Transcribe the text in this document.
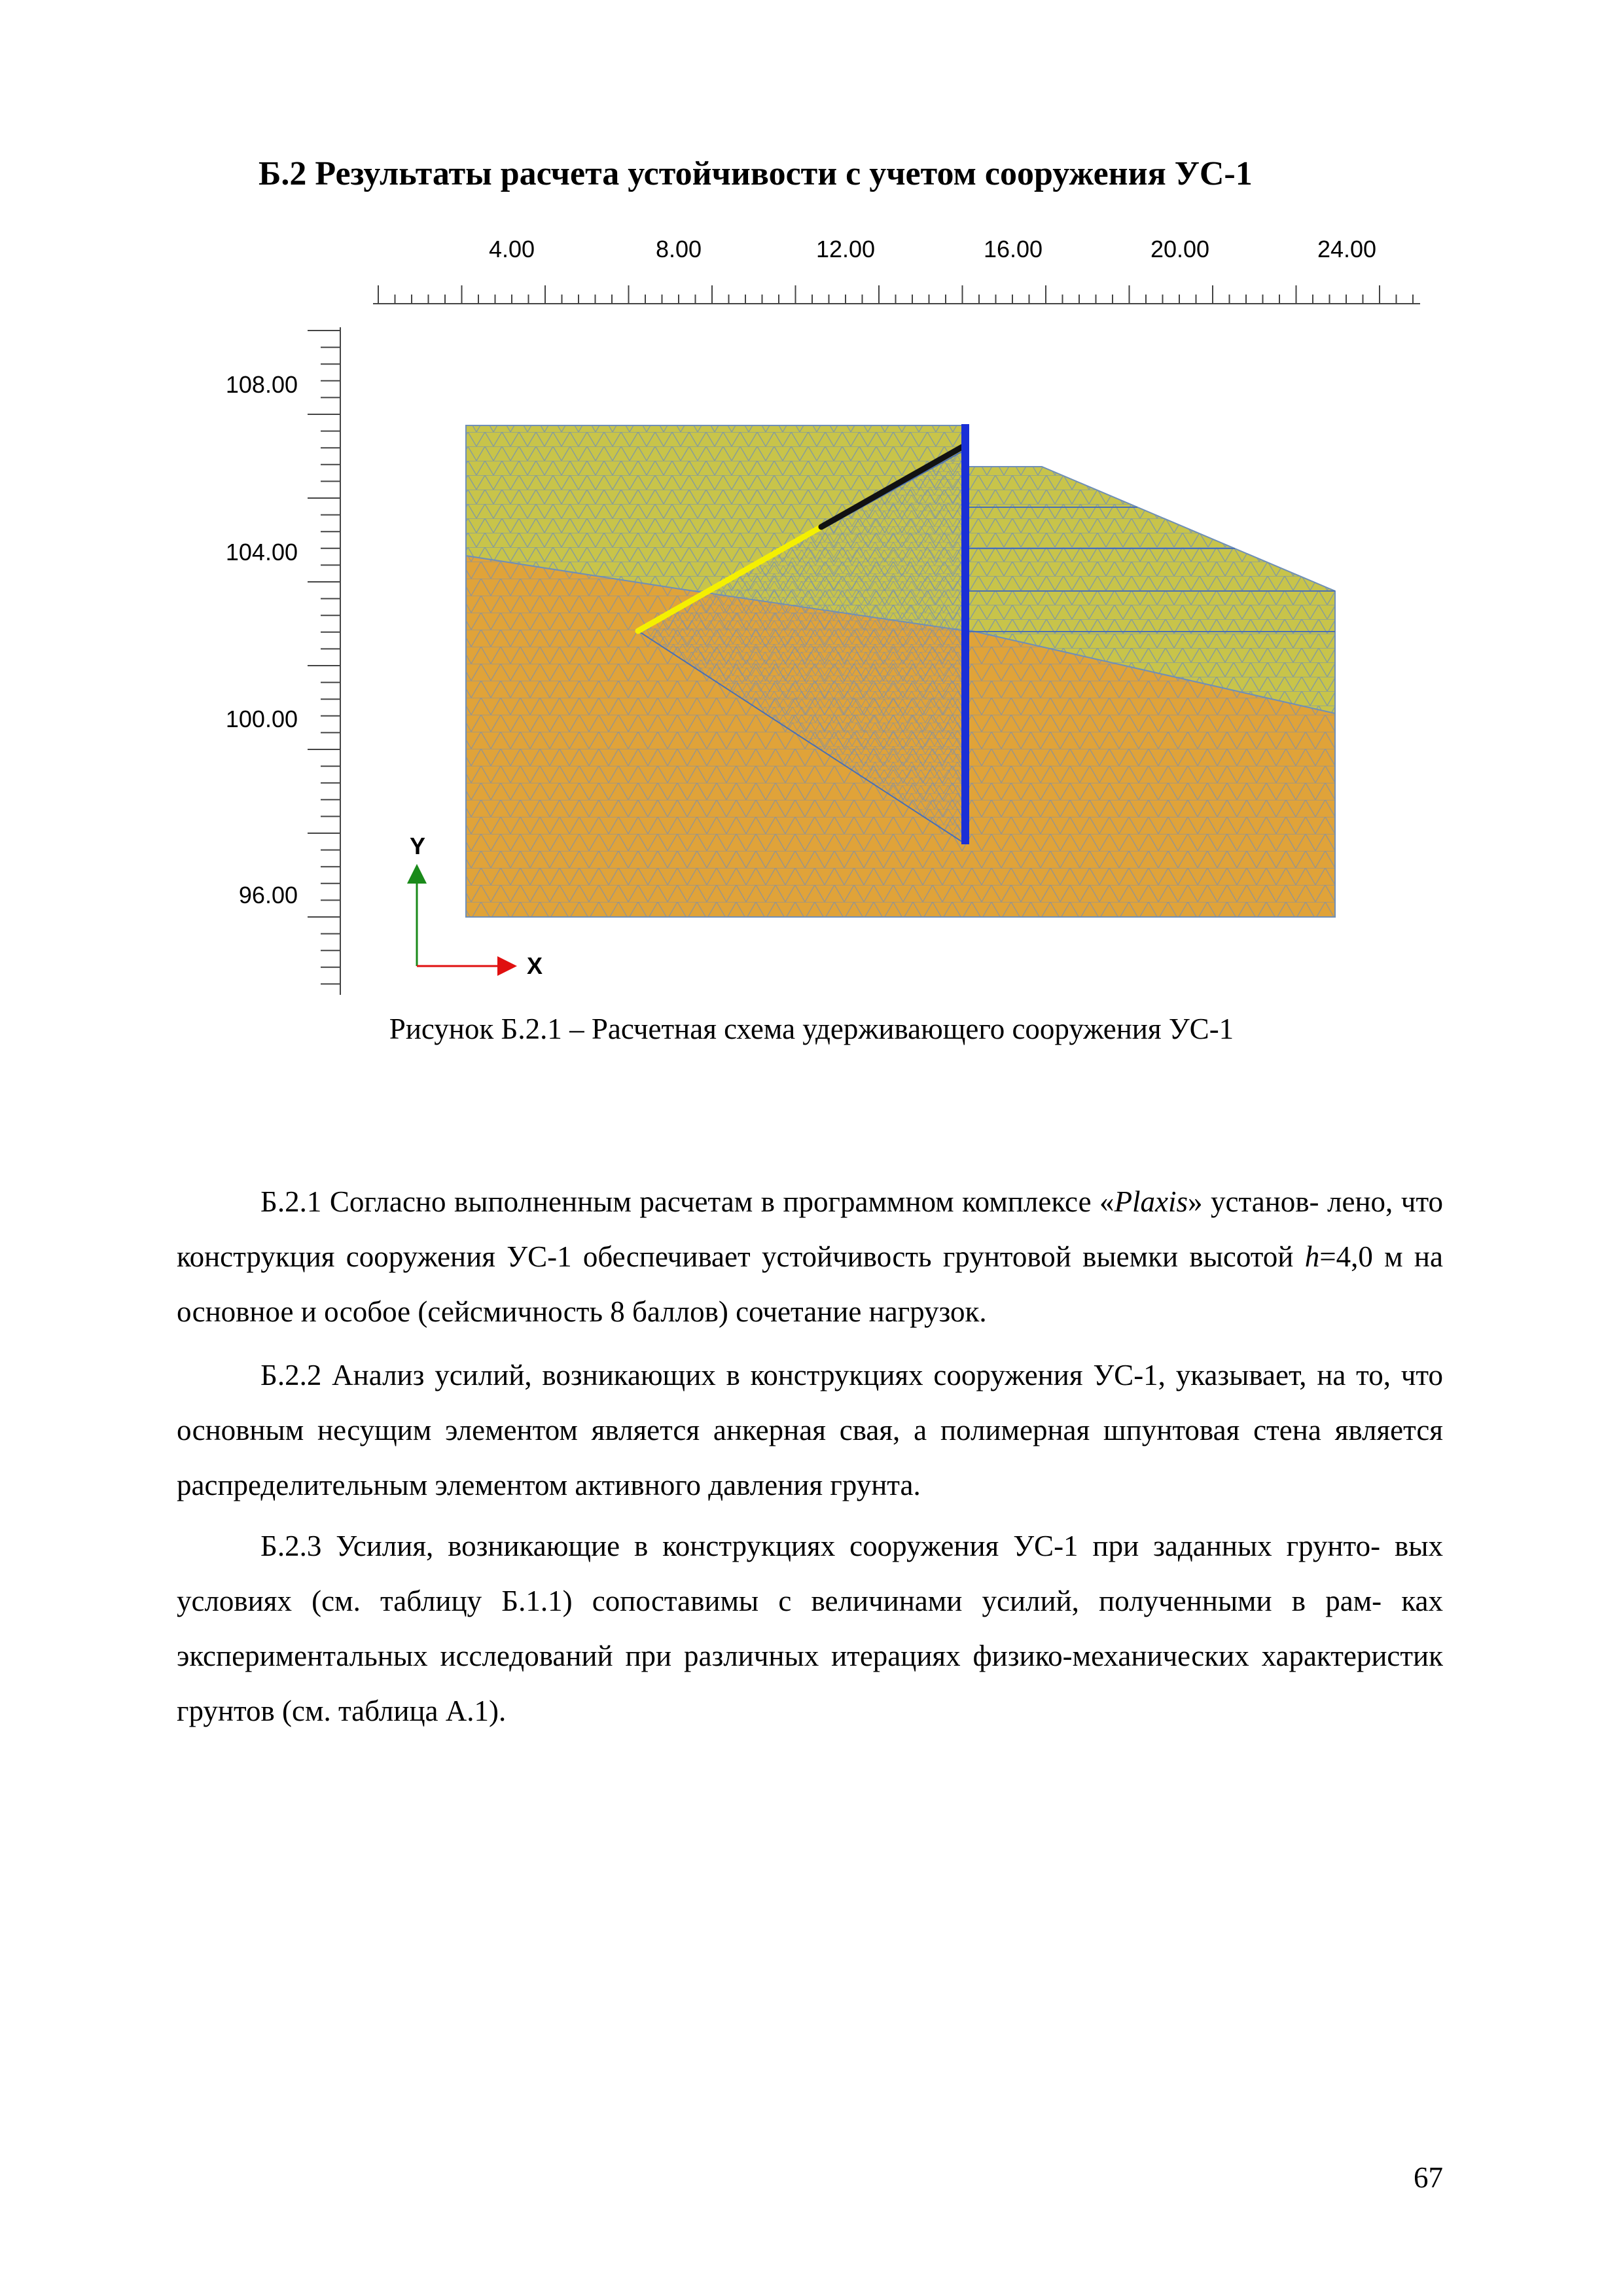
Б.2 Результаты расчета устойчивости с учетом сооружения УС-1
4.00	8.00	12.00	16.00	20.00	24.00
108.00
104.00
100.00
96.00
Y
X
Рисунок Б.2.1 – Расчетная схема удерживающего сооружения УС-1

Б.2.1 Согласно выполненным расчетам в программном комплексе «Plaxis» установ- лено, что конструкция сооружения УС-1 обеспечивает устойчивость грунтовой выемки высотой h=4,0 м на основное и особое (сейсмичность 8 баллов) сочетание нагрузок.

Б.2.2 Анализ усилий, возникающих в конструкциях сооружения УС-1, указывает, на то, что основным несущим элементом является анкерная свая, а полимерная шпунтовая стена является распределительным элементом активного давления грунта.

Б.2.3 Усилия, возникающие в конструкциях сооружения УС-1 при заданных грунто- вых условиях (см. таблицу Б.1.1) сопоставимы с величинами усилий, полученными в рам- ках экспериментальных исследований при различных итерациях физико-механических характеристик грунтов (см. таблица А.1).

67
